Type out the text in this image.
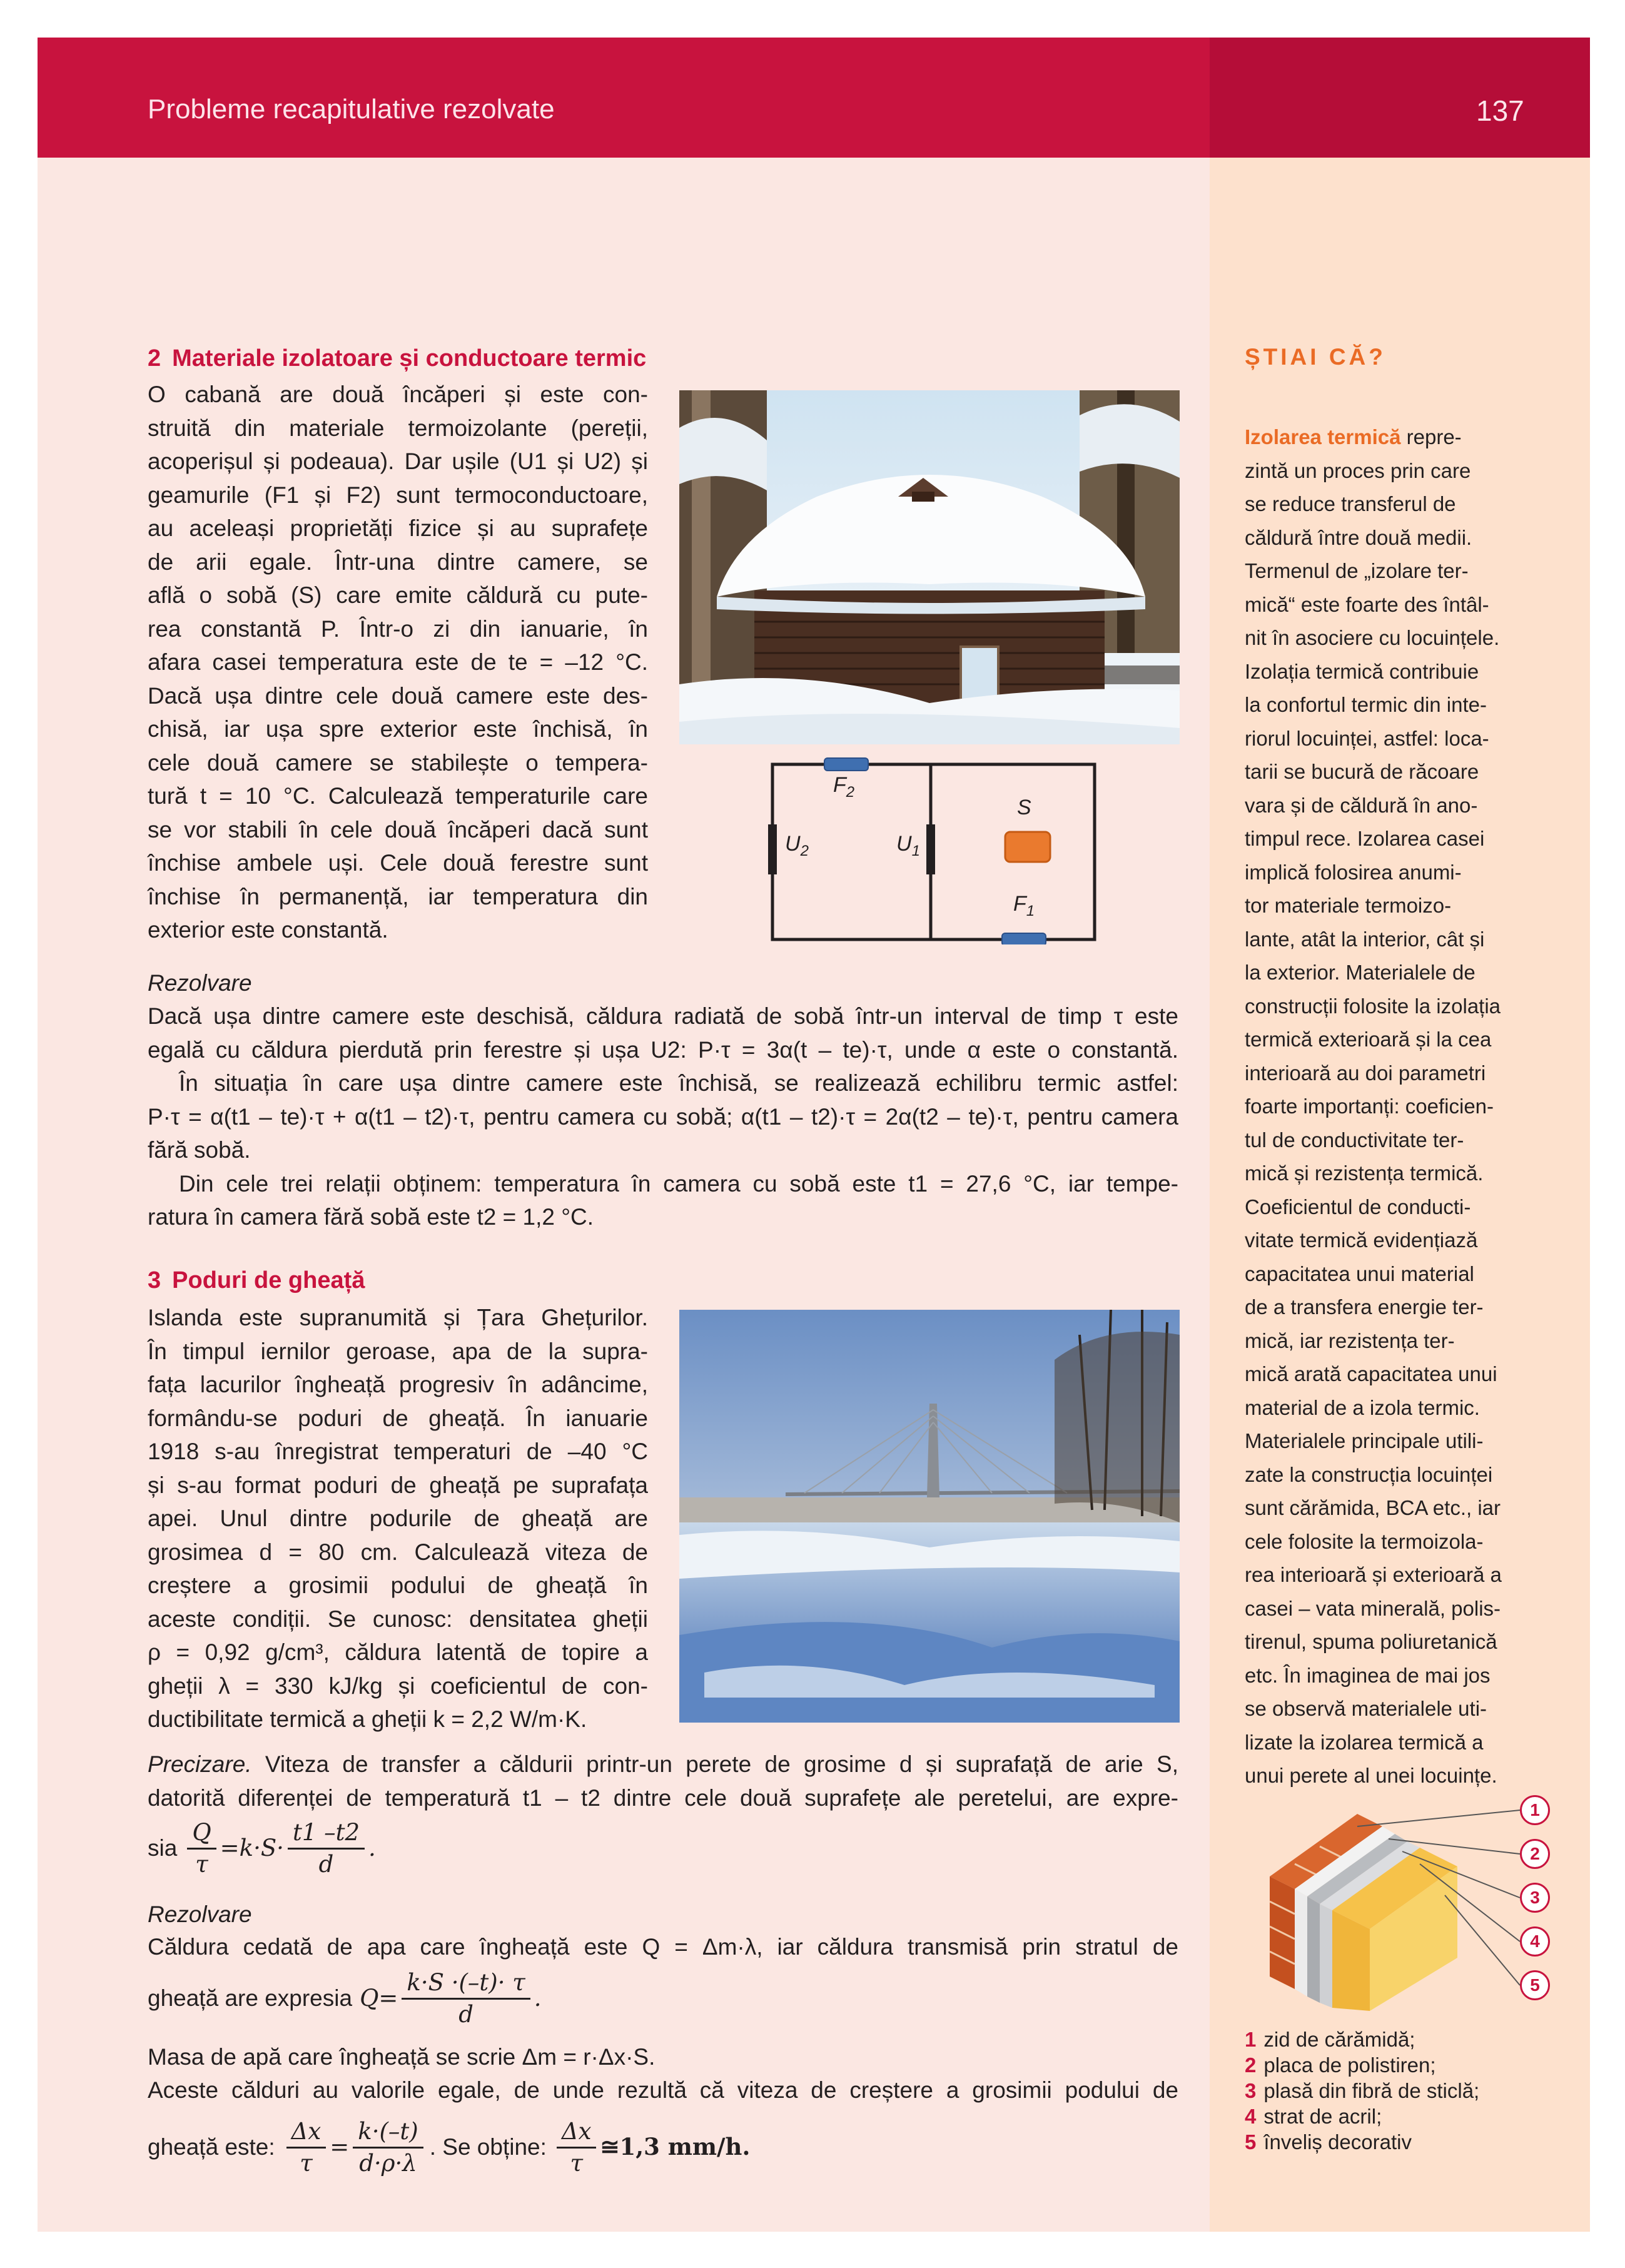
Probleme recapitulative rezolvate	137
2 Materiale izolatoare și conductoare termic

O cabană are două încăperi și este con-

struită din materiale termoizolante (pereții,

acoperișul și podeaua). Dar ușile (U1 și U2) și

geamurile (F1 și F2) sunt termoconductoare,

au aceleași proprietăți fizice și au suprafețe

de arii egale. Într-una dintre camere, se

află o sobă (S) care emite căldură cu pute-

rea constantă P. Într-o zi din ianuarie, în

afara casei temperatura este de te = –12 °C.

Dacă ușa dintre cele două camere este des-

chisă, iar ușa spre exterior este închisă, în

cele două camere se stabilește o tempera-

tură t = 10 °C. Calculează temperaturile care

se vor stabili în cele două încăperi dacă sunt

închise ambele uși. Cele două ferestre sunt

închise în permanență, iar temperatura din

exterior este constantă.

$F_2$
S
$U_2$	$U_1$
$F_1$
Rezolvare

Dacă ușa dintre camere este deschisă, căldura radiată de sobă într-un interval de timp τ este

egală cu căldura pierdută prin ferestre și ușa U2: P·τ = 3α(t – te)·τ, unde α este o constantă.

În situația în care ușa dintre camere este închisă, se realizează echilibru termic astfel:

P·τ = α(t1 – te)·τ + α(t1 – t2)·τ, pentru camera cu sobă; α(t1 – t2)·τ = 2α(t2 – te)·τ, pentru camera

fără sobă.

Din cele trei relații obținem: temperatura în camera cu sobă este t1 = 27,6 °C, iar tempe-

ratura în camera fără sobă este t2 = 1,2 °C.

3 Poduri de gheață

Islanda este supranumită și Țara Ghețurilor.

În timpul iernilor geroase, apa de la supra-

fața lacurilor îngheață progresiv în adâncime,

formându-se poduri de gheață. În ianuarie

1918 s-au înregistrat temperaturi de –40 °C

și s-au format poduri de gheață pe suprafața

apei. Unul dintre podurile de gheață are

grosimea d = 80 cm. Calculează viteza de

creștere a grosimii podului de gheață în

aceste condiții. Se cunosc: densitatea gheții

ρ = 0,92 g/cm³, căldura latentă de topire a

gheții λ = 330 kJ/kg și coeficientul de con-

ductibilitate termică a gheții k = 2,2 W/m·K.

Precizare. Viteza de transfer a căldurii printr-un perete de grosime d și suprafață de arie S,

datorită diferenței de temperatură t1 – t2 dintre cele două suprafețe ale peretelui, are expre-

sia $\frac{Q}{\tau} =k\cdot S\cdot \frac{t1 -t2}{d}$ .
Rezolvare
Căldura cedată de apa care îngheață este Q = Δm·λ, iar căldura transmisă prin stratul de
gheață are expresia $Q= \frac{k\cdot S \cdot(-t)\cdot \tau}{d}$ .
Masa de apă care îngheață se scrie Δm = r·Δx·S.
Aceste călduri au valorile egale, de unde rezultă că viteza de creștere a grosimii podului de
gheață este: $\frac{\Delta x}{\tau} = \frac{k\cdot(-t)}{d\cdot\rho\cdot\lambda}$ . Se obține: $\frac{\Delta x}{\tau}$ ≅1,3 mm/h.
ȘTIAI CĂ?
Izolarea termică repre-
zintă un proces prin care
se reduce transferul de
căldură între două medii.
Termenul de „izolare ter-
mică“ este foarte des întâl-
nit în asociere cu locuințele.
Izolația termică contribuie
la confortul termic din inte-
riorul locuinței, astfel: loca-
tarii se bucură de răcoare
vara și de căldură în ano-
timpul rece. Izolarea casei
implică folosirea anumi-
tor materiale termoizo-
lante, atât la interior, cât și
la exterior. Materialele de
construcții folosite la izolația
termică exterioară și la cea
interioară au doi parametri
foarte importanți: coeficien-
tul de conductivitate ter-
mică și rezistența termică.
Coeficientul de conducti-
vitate termică evidențiază
capacitatea unui material
de a transfera energie ter-
mică, iar rezistența ter-
mică arată capacitatea unui
material de a izola termic.
Materialele principale utili-
zate la construcția locuinței
sunt cărămida, BCA etc., iar
cele folosite la termoizola-
rea interioară și exterioară a
casei – vata minerală, polis-
tirenul, spuma poliuretanică
etc. În imaginea de mai jos
se observă materialele uti-
lizate la izolarea termică a
unui perete al unei locuințe.
1
2
3
4
5
1 zid de cărămidă;
2 placa de polistiren;
3 plasă din fibră de sticlă;
4 strat de acril;
5 înveliș decorativ
